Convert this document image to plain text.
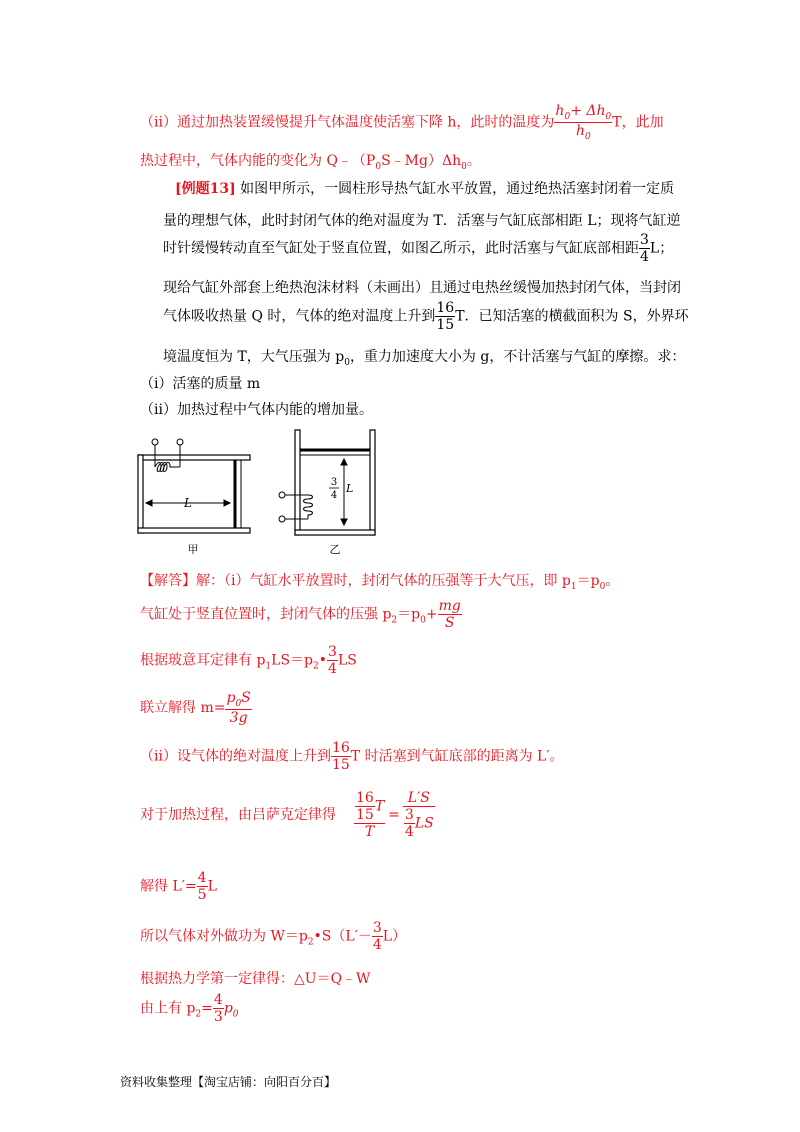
（ii）通过加热装置缓慢提升气体温度使活塞下降 h，此时的温度为 $\frac{h_0+ \Delta h_0}{h_0}$ T，此加
热过程中，气体内能的变化为 $Q﹣(P_0S﹣Mg)\Delta h_0$。
[例题13] 如图甲所示，一圆柱形导热气缸水平放置，通过绝热活塞封闭着一定质
量的理想气体，此时封闭气体的绝对温度为 T．活塞与气缸底部相距 L；现将气缸逆
时针缓慢转动直至气缸处于竖直位置，如图乙所示，此时活塞与气缸底部相距 $\frac{3}{4}$ L；
现给气缸外部套上绝热泡沫材料（未画出）且通过电热丝缓慢加热封闭气体，当封闭
气体吸收热量 Q 时，气体的绝对温度上升到 $\frac{16}{15}$ T．已知活塞的横截面积为 S，外界环
境温度恒为 T，大气压强为 $p_0$，重力加速度大小为 g，不计活塞与气缸的摩擦。求：
（i）活塞的质量 m
（ii）加热过程中气体内能的增加量。
L
甲
3
4
L
乙
【解答】解：（i）气缸水平放置时，封闭气体的压强等于大气压，即 $p_1=p_0$。
气缸处于竖直位置时，封闭气体的压强 $p_2=p_0+ \frac{mg}{S}$
根据玻意耳定律有 $p_1LS=p_2• \frac{3}{4}$ LS
联立解得 $m= \frac{p_0S}{3g}$
（ii）设气体的绝对温度上升到 $\frac{16}{15}$ T 时活塞到气缸底部的距离为 L′。
对于加热过程，由吕萨克定律得 $\frac{\frac{16}{15} T}{T} = \frac{L'S}{\frac{3}{4} LS}$
解得 $L'= \frac{4}{5}$ L
所以气体对外做功为 $W=p_2•S(L'- \frac{3}{4} L)$
根据热力学第一定律得：△U＝Q﹣W
由上有 $p_2= \frac{4}{3} p_0$
资料收集整理【淘宝店铺：向阳百分百】
